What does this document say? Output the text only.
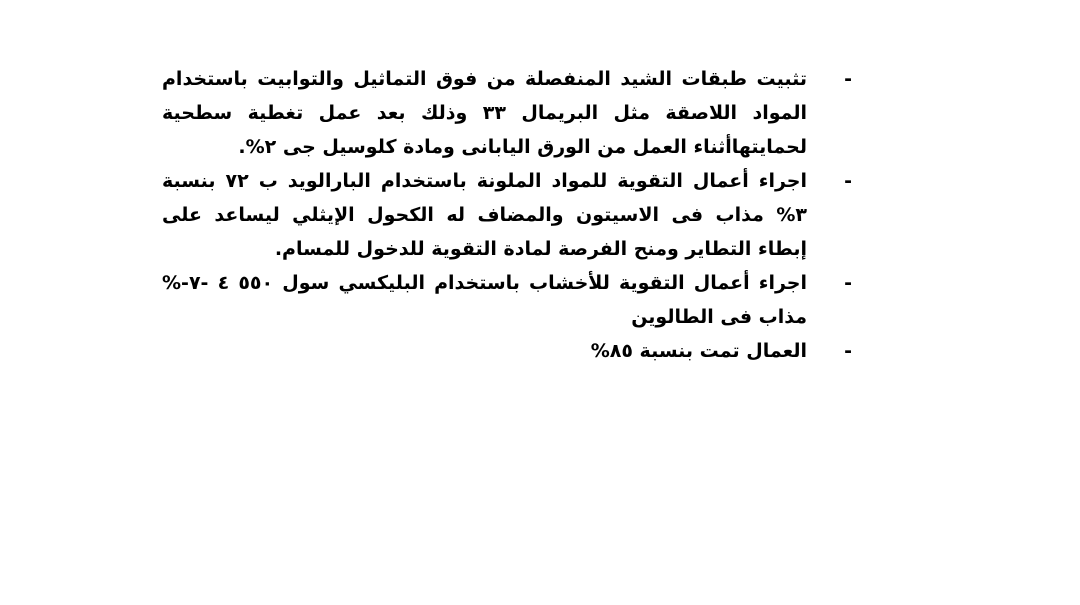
-
تثبيت طبقات الشيد المنفصلة من فوق التماثيل والتوابيت باستخدام المواد اللاصقة مثل البريمال ٣٣ وذلك بعد عمل تغطية سطحية لحمايتهاأثناء العمل من الورق اليابانى ومادة كلوسيل جى ٢%.
-
اجراء أعمال التقوية للمواد الملونة باستخدام البارالويد ب ٧٢ بنسبة ٣% مذاب فى الاسيتون والمضاف له الكحول الإيثلي ليساعد على إبطاء التطاير ومنح الفرصة لمادة التقوية للدخول للمسام.
-
اجراء أعمال التقوية للأخشاب باستخدام البليكسي سول ٥٥٠ ٤ -٧-% مذاب فى الطالوين
-
العمال تمت بنسبة ٨٥%
